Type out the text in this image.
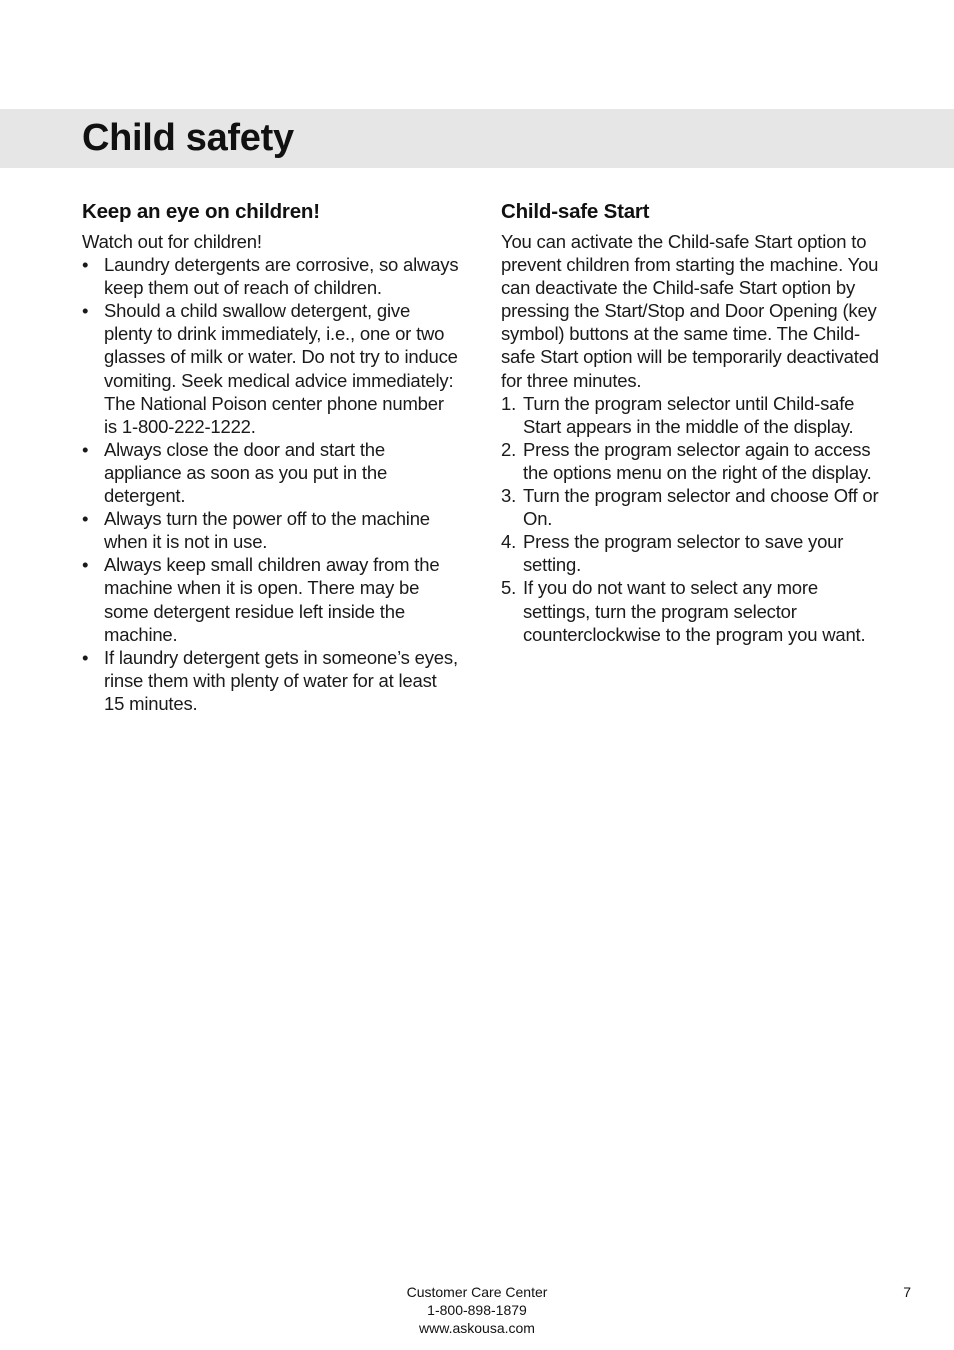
Child safety
Keep an eye on children!

Watch out for children!

• Laundry detergents are corrosive, so always keep them out of reach of children.
• Should a child swallow detergent, give plenty to drink immediately, i.e., one or two glasses of milk or water. Do not try to induce vomiting. Seek medical advice immediately: The National Poison center phone number is 1-800-222-1222.
• Always close the door and start the appliance as soon as you put in the detergent.
• Always turn the power off to the machine when it is not in use.
• Always keep small children away from the machine when it is open. There may be some detergent residue left inside the machine.
• If laundry detergent gets in someone’s eyes, rinse them with plenty of water for at least 15 minutes.
Child-safe Start

You can activate the Child-safe Start option to prevent children from starting the machine. You can deactivate the Child-safe Start option by pressing the Start/Stop and Door Opening (key symbol) buttons at the same time. The Child-safe Start option will be temporarily deactivated for three minutes.

1. Turn the program selector until Child-safe Start appears in the middle of the display.
2. Press the program selector again to access the options menu on the right of the display.
3. Turn the program selector and choose Off or On.
4. Press the program selector to save your setting.
5. If you do not want to select any more settings, turn the program selector counterclockwise to the program you want.
Customer Care Center
1-800-898-1879
www.askousa.com
7
